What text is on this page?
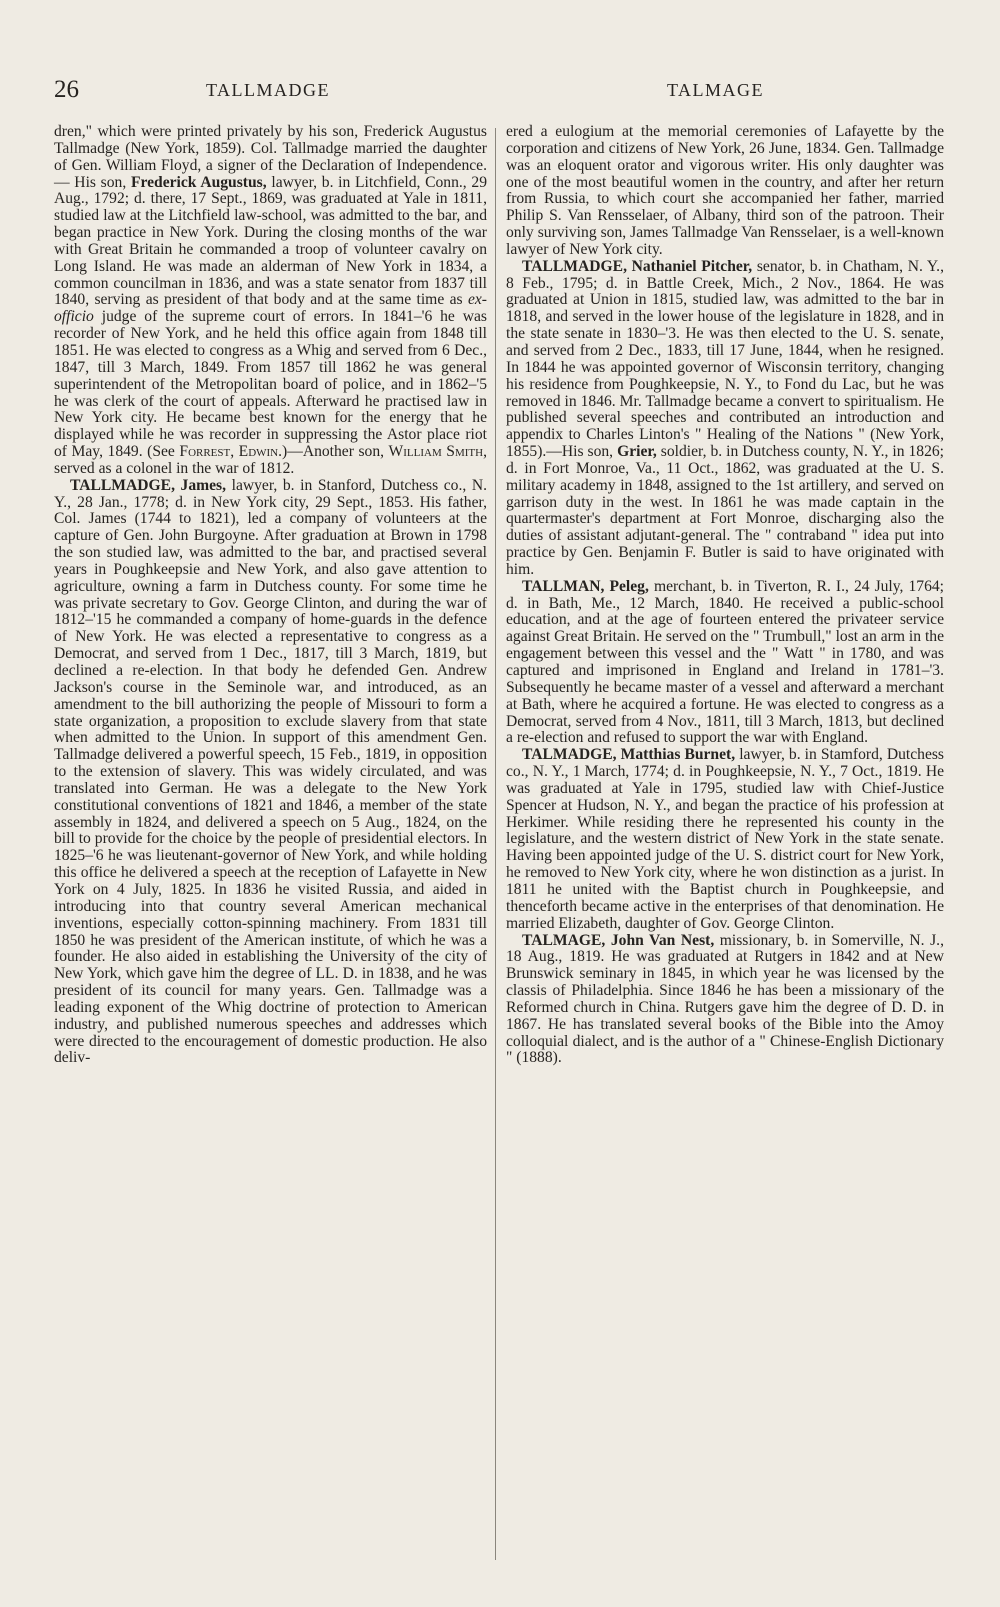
26	TALLMADGE	TALMAGE

dren," which were printed privately by his son, Frederick Augustus Tallmadge (New York, 1859). Col. Tallmadge married the daughter of Gen. William Floyd, a signer of the Declaration of Independence. — His son, Frederick Augustus, lawyer, b. in Litchfield, Conn., 29 Aug., 1792; d. there, 17 Sept., 1869, was graduated at Yale in 1811, studied law at the Litchfield law-school, was admitted to the bar, and began practice in New York. During the closing months of the war with Great Britain he commanded a troop of volunteer cavalry on Long Island. He was made an alderman of New York in 1834, a common councilman in 1836, and was a state senator from 1837 till 1840, serving as president of that body and at the same time as ex-officio judge of the supreme court of errors. In 1841–'6 he was recorder of New York, and he held this office again from 1848 till 1851. He was elected to congress as a Whig and served from 6 Dec., 1847, till 3 March, 1849. From 1857 till 1862 he was general superintendent of the Metropolitan board of police, and in 1862–'5 he was clerk of the court of appeals. Afterward he practised law in New York city. He became best known for the energy that he displayed while he was recorder in suppressing the Astor place riot of May, 1849. (See Forrest, Edwin.)—Another son, William Smith, served as a colonel in the war of 1812.

TALLMADGE, James, lawyer, b. in Stanford, Dutchess co., N. Y., 28 Jan., 1778; d. in New York city, 29 Sept., 1853. His father, Col. James (1744 to 1821), led a company of volunteers at the capture of Gen. John Burgoyne. After graduation at Brown in 1798 the son studied law, was admitted to the bar, and practised several years in Poughkeepsie and New York, and also gave attention to agriculture, owning a farm in Dutchess county. For some time he was private secretary to Gov. George Clinton, and during the war of 1812–'15 he commanded a company of home-guards in the defence of New York. He was elected a representative to congress as a Democrat, and served from 1 Dec., 1817, till 3 March, 1819, but declined a re-election. In that body he defended Gen. Andrew Jackson's course in the Seminole war, and introduced, as an amendment to the bill authorizing the people of Missouri to form a state organization, a proposition to exclude slavery from that state when admitted to the Union. In support of this amendment Gen. Tallmadge delivered a powerful speech, 15 Feb., 1819, in opposition to the extension of slavery. This was widely circulated, and was translated into German. He was a delegate to the New York constitutional conventions of 1821 and 1846, a member of the state assembly in 1824, and delivered a speech on 5 Aug., 1824, on the bill to provide for the choice by the people of presidential electors. In 1825–'6 he was lieutenant-governor of New York, and while holding this office he delivered a speech at the reception of Lafayette in New York on 4 July, 1825. In 1836 he visited Russia, and aided in introducing into that country several American mechanical inventions, especially cotton-spinning machinery. From 1831 till 1850 he was president of the American institute, of which he was a founder. He also aided in establishing the University of the city of New York, which gave him the degree of LL. D. in 1838, and he was president of its council for many years. Gen. Tallmadge was a leading exponent of the Whig doctrine of protection to American industry, and published numerous speeches and addresses which were directed to the encouragement of domestic production. He also deliv-

ered a eulogium at the memorial ceremonies of Lafayette by the corporation and citizens of New York, 26 June, 1834. Gen. Tallmadge was an eloquent orator and vigorous writer. His only daughter was one of the most beautiful women in the country, and after her return from Russia, to which court she accompanied her father, married Philip S. Van Rensselaer, of Albany, third son of the patroon. Their only surviving son, James Tallmadge Van Rensselaer, is a well-known lawyer of New York city.

TALLMADGE, Nathaniel Pitcher, senator, b. in Chatham, N. Y., 8 Feb., 1795; d. in Battle Creek, Mich., 2 Nov., 1864. He was graduated at Union in 1815, studied law, was admitted to the bar in 1818, and served in the lower house of the legislature in 1828, and in the state senate in 1830–'3. He was then elected to the U. S. senate, and served from 2 Dec., 1833, till 17 June, 1844, when he resigned. In 1844 he was appointed governor of Wisconsin territory, changing his residence from Poughkeepsie, N. Y., to Fond du Lac, but he was removed in 1846. Mr. Tallmadge became a convert to spiritualism. He published several speeches and contributed an introduction and appendix to Charles Linton's " Healing of the Nations " (New York, 1855).—His son, Grier, soldier, b. in Dutchess county, N. Y., in 1826; d. in Fort Monroe, Va., 11 Oct., 1862, was graduated at the U. S. military academy in 1848, assigned to the 1st artillery, and served on garrison duty in the west. In 1861 he was made captain in the quartermaster's department at Fort Monroe, discharging also the duties of assistant adjutant-general. The " contraband " idea put into practice by Gen. Benjamin F. Butler is said to have originated with him.

TALLMAN, Peleg, merchant, b. in Tiverton, R. I., 24 July, 1764; d. in Bath, Me., 12 March, 1840. He received a public-school education, and at the age of fourteen entered the privateer service against Great Britain. He served on the " Trumbull," lost an arm in the engagement between this vessel and the " Watt " in 1780, and was captured and imprisoned in England and Ireland in 1781–'3. Subsequently he became master of a vessel and afterward a merchant at Bath, where he acquired a fortune. He was elected to congress as a Democrat, served from 4 Nov., 1811, till 3 March, 1813, but declined a re-election and refused to support the war with England.

TALMADGE, Matthias Burnet, lawyer, b. in Stamford, Dutchess co., N. Y., 1 March, 1774; d. in Poughkeepsie, N. Y., 7 Oct., 1819. He was graduated at Yale in 1795, studied law with Chief-Justice Spencer at Hudson, N. Y., and began the practice of his profession at Herkimer. While residing there he represented his county in the legislature, and the western district of New York in the state senate. Having been appointed judge of the U. S. district court for New York, he removed to New York city, where he won distinction as a jurist. In 1811 he united with the Baptist church in Poughkeepsie, and thenceforth became active in the enterprises of that denomination. He married Elizabeth, daughter of Gov. George Clinton.

TALMAGE, John Van Nest, missionary, b. in Somerville, N. J., 18 Aug., 1819. He was graduated at Rutgers in 1842 and at New Brunswick seminary in 1845, in which year he was licensed by the classis of Philadelphia. Since 1846 he has been a missionary of the Reformed church in China. Rutgers gave him the degree of D. D. in 1867. He has translated several books of the Bible into the Amoy colloquial dialect, and is the author of a " Chinese-English Dictionary " (1888).
